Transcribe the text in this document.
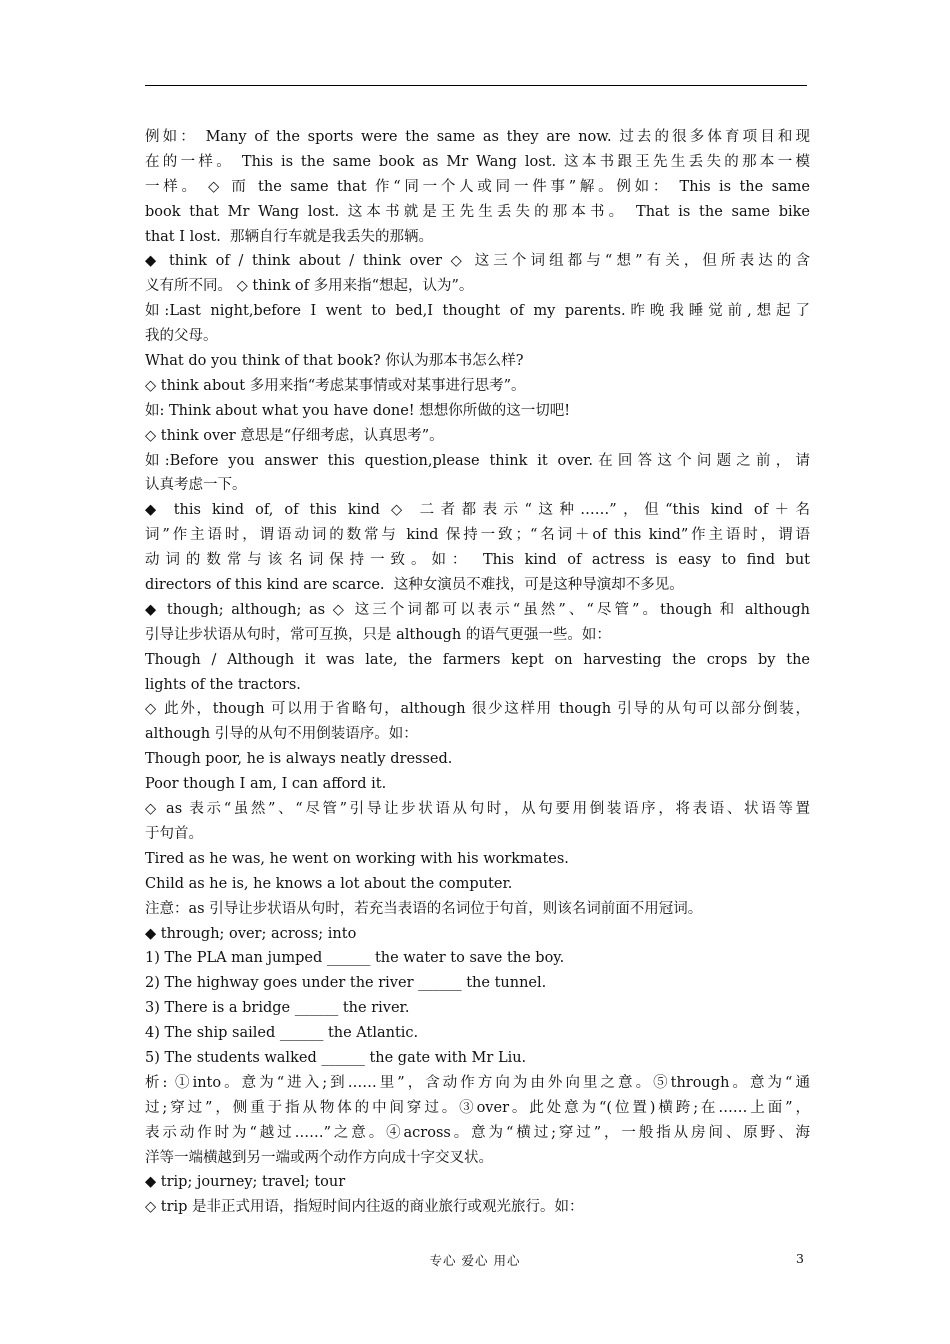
例如： Many of the sports were the same as they are now. 过去的很多体育项目和现
在的一样。 This is the same book as Mr Wang lost. 这本书跟王先生丢失的那本一模
一样。 ◇ 而 the same that 作“同一个人或同一件事”解。例如： This is the same
book that Mr Wang lost. 这本书就是王先生丢失的那本书。 That is the same bike
that I lost.  那辆自行车就是我丢失的那辆。
◆ think of / think about / think over ◇ 这三个词组都与“想”有关，但所表达的含
义有所不同。 ◇ think of 多用来指“想起，认为”。
如:Last night,before I went to bed,I thought of my parents.昨晚我睡觉前,想起了
我的父母。
What do you think of that book? 你认为那本书怎么样?
◇ think about 多用来指“考虑某事情或对某事进行思考”。
如: Think about what you have done! 想想你所做的这一切吧!
◇ think over 意思是“仔细考虑，认真思考”。
如:Before you answer this question,please think it over.在回答这个问题之前，请
认真考虑一下。
◆ this kind of, of this kind ◇ 二者都表示“这种……”，但“this kind of＋名
词”作主语时，谓语动词的数常与 kind 保持一致；“名词＋of this kind”作主语时，谓语
动词的数常与该名词保持一致。如： This kind of actress is easy to find but
directors of this kind are scarce.  这种女演员不难找，可是这种导演却不多见。
◆ though; although; as ◇ 这三个词都可以表示“虽然”、“尽管”。though 和 although
引导让步状语从句时，常可互换，只是 although 的语气更强一些。如：
Though / Although it was late, the farmers kept on harvesting the crops by the
lights of the tractors.
◇ 此外，though 可以用于省略句，although 很少这样用 though 引导的从句可以部分倒装，
although 引导的从句不用倒装语序。如：
Though poor, he is always neatly dressed.
Poor though I am, I can afford it.
◇ as 表示“虽然”、“尽管”引导让步状语从句时，从句要用倒装语序，将表语、状语等置
于句首。
Tired as he was, he went on working with his workmates.
Child as he is, he knows a lot about the computer.
注意：as 引导让步状语从句时，若充当表语的名词位于句首，则该名词前面不用冠词。
◆ through; over; across; into
1) The PLA man jumped ______ the water to save the boy.
2) The highway goes under the river ______ the tunnel.
3) There is a bridge ______ the river.
4) The ship sailed ______ the Atlantic.
5) The students walked ______ the gate with Mr Liu.
析: ①into。意为“进入;到……里”，含动作方向为由外向里之意。⑤through。意为“通
过;穿过”，侧重于指从物体的中间穿过。③over。此处意为“(位置)横跨;在……上面”，
表示动作时为“越过……”之意。④across。意为“横过;穿过”，一般指从房间、原野、海
洋等一端横越到另一端或两个动作方向成十字交叉状。
◆ trip; journey; travel; tour
◇ trip 是非正式用语，指短时间内往返的商业旅行或观光旅行。如：
专心 爱心 用心	3
